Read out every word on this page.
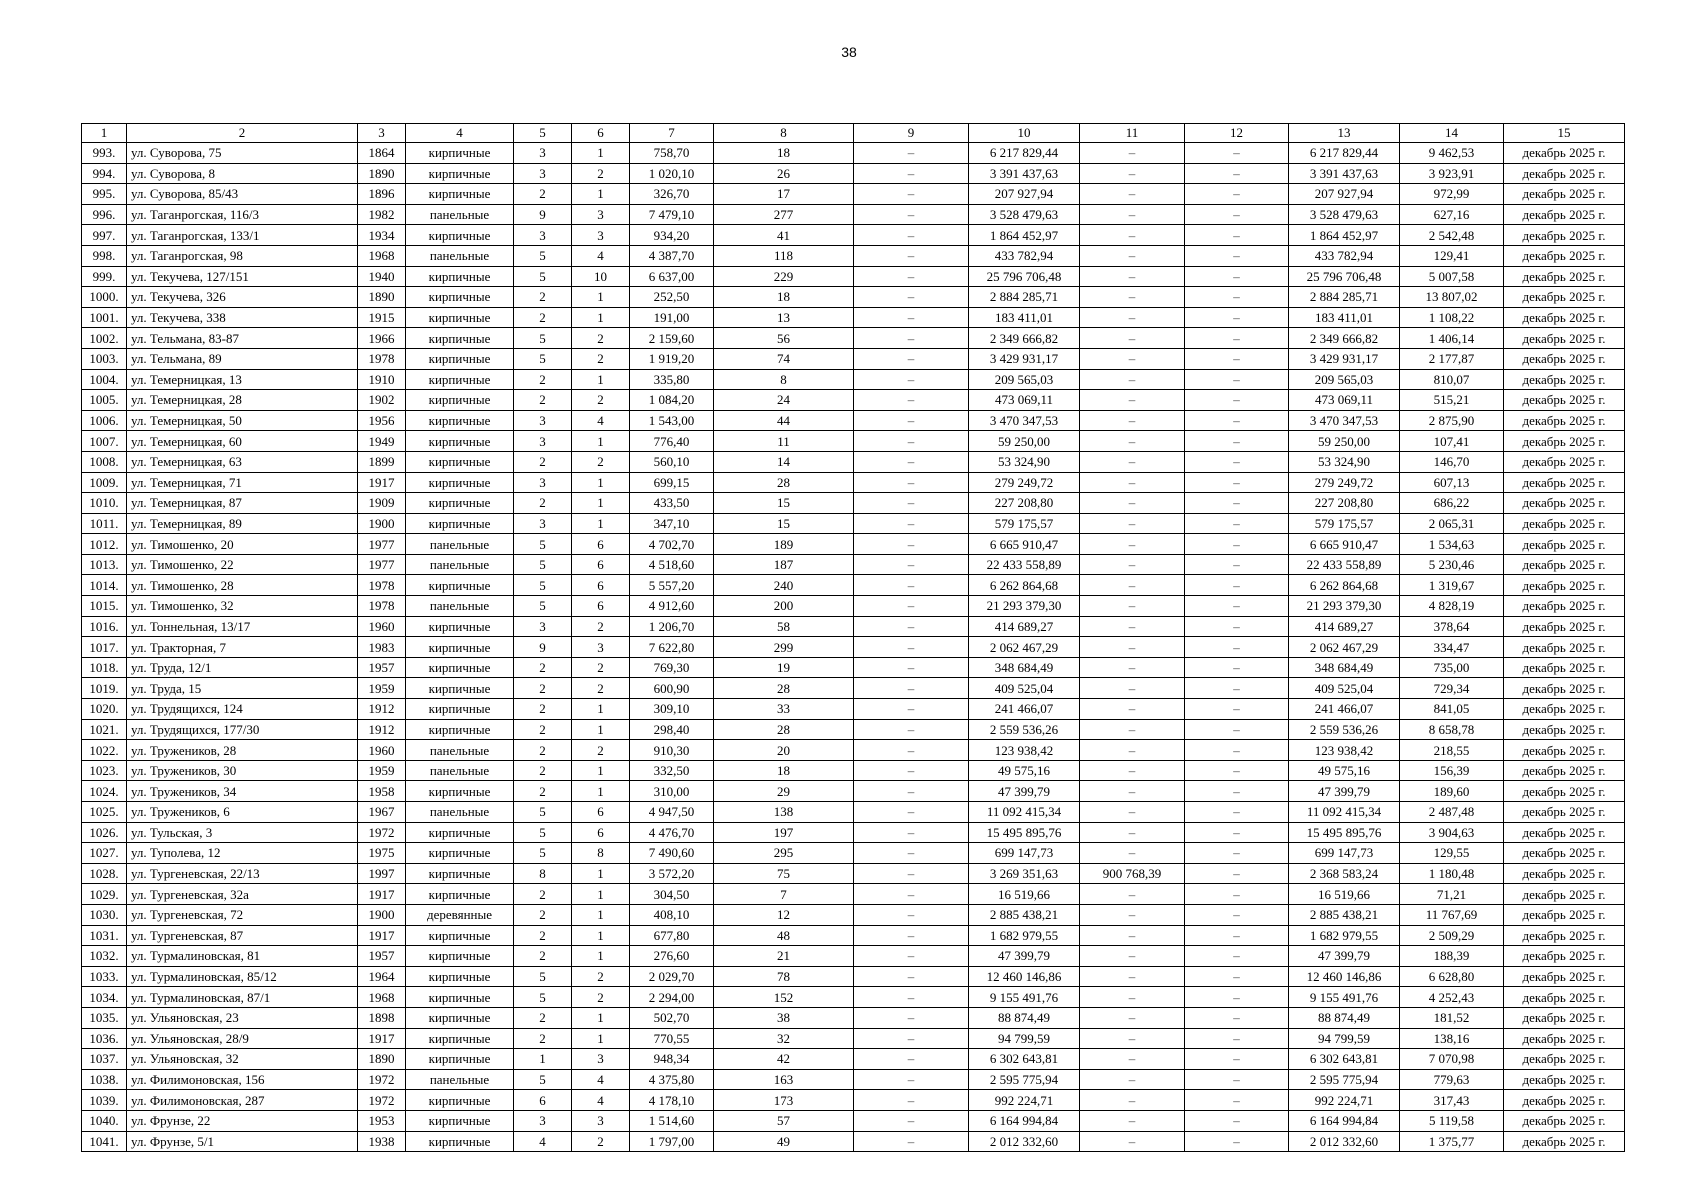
38
1	2	3	4	5	6	7	8	9	10	11	12	13	14	15
993.	ул. Суворова, 75	1864	кирпичные	3	1	758,70	18	–	6 217 829,44	–	–	6 217 829,44	9 462,53	декабрь 2025 г.
994.	ул. Суворова, 8	1890	кирпичные	3	2	1 020,10	26	–	3 391 437,63	–	–	3 391 437,63	3 923,91	декабрь 2025 г.
995.	ул. Суворова, 85/43	1896	кирпичные	2	1	326,70	17	–	207 927,94	–	–	207 927,94	972,99	декабрь 2025 г.
996.	ул. Таганрогская, 116/3	1982	панельные	9	3	7 479,10	277	–	3 528 479,63	–	–	3 528 479,63	627,16	декабрь 2025 г.
997.	ул. Таганрогская, 133/1	1934	кирпичные	3	3	934,20	41	–	1 864 452,97	–	–	1 864 452,97	2 542,48	декабрь 2025 г.
998.	ул. Таганрогская, 98	1968	панельные	5	4	4 387,70	118	–	433 782,94	–	–	433 782,94	129,41	декабрь 2025 г.
999.	ул. Текучева, 127/151	1940	кирпичные	5	10	6 637,00	229	–	25 796 706,48	–	–	25 796 706,48	5 007,58	декабрь 2025 г.
1000.	ул. Текучева, 326	1890	кирпичные	2	1	252,50	18	–	2 884 285,71	–	–	2 884 285,71	13 807,02	декабрь 2025 г.
1001.	ул. Текучева, 338	1915	кирпичные	2	1	191,00	13	–	183 411,01	–	–	183 411,01	1 108,22	декабрь 2025 г.
1002.	ул. Тельмана, 83-87	1966	кирпичные	5	2	2 159,60	56	–	2 349 666,82	–	–	2 349 666,82	1 406,14	декабрь 2025 г.
1003.	ул. Тельмана, 89	1978	кирпичные	5	2	1 919,20	74	–	3 429 931,17	–	–	3 429 931,17	2 177,87	декабрь 2025 г.
1004.	ул. Темерницкая, 13	1910	кирпичные	2	1	335,80	8	–	209 565,03	–	–	209 565,03	810,07	декабрь 2025 г.
1005.	ул. Темерницкая, 28	1902	кирпичные	2	2	1 084,20	24	–	473 069,11	–	–	473 069,11	515,21	декабрь 2025 г.
1006.	ул. Темерницкая, 50	1956	кирпичные	3	4	1 543,00	44	–	3 470 347,53	–	–	3 470 347,53	2 875,90	декабрь 2025 г.
1007.	ул. Темерницкая, 60	1949	кирпичные	3	1	776,40	11	–	59 250,00	–	–	59 250,00	107,41	декабрь 2025 г.
1008.	ул. Темерницкая, 63	1899	кирпичные	2	2	560,10	14	–	53 324,90	–	–	53 324,90	146,70	декабрь 2025 г.
1009.	ул. Темерницкая, 71	1917	кирпичные	3	1	699,15	28	–	279 249,72	–	–	279 249,72	607,13	декабрь 2025 г.
1010.	ул. Темерницкая, 87	1909	кирпичные	2	1	433,50	15	–	227 208,80	–	–	227 208,80	686,22	декабрь 2025 г.
1011.	ул. Темерницкая, 89	1900	кирпичные	3	1	347,10	15	–	579 175,57	–	–	579 175,57	2 065,31	декабрь 2025 г.
1012.	ул. Тимошенко, 20	1977	панельные	5	6	4 702,70	189	–	6 665 910,47	–	–	6 665 910,47	1 534,63	декабрь 2025 г.
1013.	ул. Тимошенко, 22	1977	панельные	5	6	4 518,60	187	–	22 433 558,89	–	–	22 433 558,89	5 230,46	декабрь 2025 г.
1014.	ул. Тимошенко, 28	1978	кирпичные	5	6	5 557,20	240	–	6 262 864,68	–	–	6 262 864,68	1 319,67	декабрь 2025 г.
1015.	ул. Тимошенко, 32	1978	панельные	5	6	4 912,60	200	–	21 293 379,30	–	–	21 293 379,30	4 828,19	декабрь 2025 г.
1016.	ул. Тоннельная, 13/17	1960	кирпичные	3	2	1 206,70	58	–	414 689,27	–	–	414 689,27	378,64	декабрь 2025 г.
1017.	ул. Тракторная, 7	1983	кирпичные	9	3	7 622,80	299	–	2 062 467,29	–	–	2 062 467,29	334,47	декабрь 2025 г.
1018.	ул. Труда, 12/1	1957	кирпичные	2	2	769,30	19	–	348 684,49	–	–	348 684,49	735,00	декабрь 2025 г.
1019.	ул. Труда, 15	1959	кирпичные	2	2	600,90	28	–	409 525,04	–	–	409 525,04	729,34	декабрь 2025 г.
1020.	ул. Трудящихся, 124	1912	кирпичные	2	1	309,10	33	–	241 466,07	–	–	241 466,07	841,05	декабрь 2025 г.
1021.	ул. Трудящихся, 177/30	1912	кирпичные	2	1	298,40	28	–	2 559 536,26	–	–	2 559 536,26	8 658,78	декабрь 2025 г.
1022.	ул. Тружеников, 28	1960	панельные	2	2	910,30	20	–	123 938,42	–	–	123 938,42	218,55	декабрь 2025 г.
1023.	ул. Тружеников, 30	1959	панельные	2	1	332,50	18	–	49 575,16	–	–	49 575,16	156,39	декабрь 2025 г.
1024.	ул. Тружеников, 34	1958	кирпичные	2	1	310,00	29	–	47 399,79	–	–	47 399,79	189,60	декабрь 2025 г.
1025.	ул. Тружеников, 6	1967	панельные	5	6	4 947,50	138	–	11 092 415,34	–	–	11 092 415,34	2 487,48	декабрь 2025 г.
1026.	ул. Тульская, 3	1972	кирпичные	5	6	4 476,70	197	–	15 495 895,76	–	–	15 495 895,76	3 904,63	декабрь 2025 г.
1027.	ул. Туполева, 12	1975	кирпичные	5	8	7 490,60	295	–	699 147,73	–	–	699 147,73	129,55	декабрь 2025 г.
1028.	ул. Тургеневская, 22/13	1997	кирпичные	8	1	3 572,20	75	–	3 269 351,63	900 768,39	–	2 368 583,24	1 180,48	декабрь 2025 г.
1029.	ул. Тургеневская, 32а	1917	кирпичные	2	1	304,50	7	–	16 519,66	–	–	16 519,66	71,21	декабрь 2025 г.
1030.	ул. Тургеневская, 72	1900	деревянные	2	1	408,10	12	–	2 885 438,21	–	–	2 885 438,21	11 767,69	декабрь 2025 г.
1031.	ул. Тургеневская, 87	1917	кирпичные	2	1	677,80	48	–	1 682 979,55	–	–	1 682 979,55	2 509,29	декабрь 2025 г.
1032.	ул. Турмалиновская, 81	1957	кирпичные	2	1	276,60	21	–	47 399,79	–	–	47 399,79	188,39	декабрь 2025 г.
1033.	ул. Турмалиновская, 85/12	1964	кирпичные	5	2	2 029,70	78	–	12 460 146,86	–	–	12 460 146,86	6 628,80	декабрь 2025 г.
1034.	ул. Турмалиновская, 87/1	1968	кирпичные	5	2	2 294,00	152	–	9 155 491,76	–	–	9 155 491,76	4 252,43	декабрь 2025 г.
1035.	ул. Ульяновская, 23	1898	кирпичные	2	1	502,70	38	–	88 874,49	–	–	88 874,49	181,52	декабрь 2025 г.
1036.	ул. Ульяновская, 28/9	1917	кирпичные	2	1	770,55	32	–	94 799,59	–	–	94 799,59	138,16	декабрь 2025 г.
1037.	ул. Ульяновская, 32	1890	кирпичные	1	3	948,34	42	–	6 302 643,81	–	–	6 302 643,81	7 070,98	декабрь 2025 г.
1038.	ул. Филимоновская, 156	1972	панельные	5	4	4 375,80	163	–	2 595 775,94	–	–	2 595 775,94	779,63	декабрь 2025 г.
1039.	ул. Филимоновская, 287	1972	кирпичные	6	4	4 178,10	173	–	992 224,71	–	–	992 224,71	317,43	декабрь 2025 г.
1040.	ул. Фрунзе, 22	1953	кирпичные	3	3	1 514,60	57	–	6 164 994,84	–	–	6 164 994,84	5 119,58	декабрь 2025 г.
1041.	ул. Фрунзе, 5/1	1938	кирпичные	4	2	1 797,00	49	–	2 012 332,60	–	–	2 012 332,60	1 375,77	декабрь 2025 г.
